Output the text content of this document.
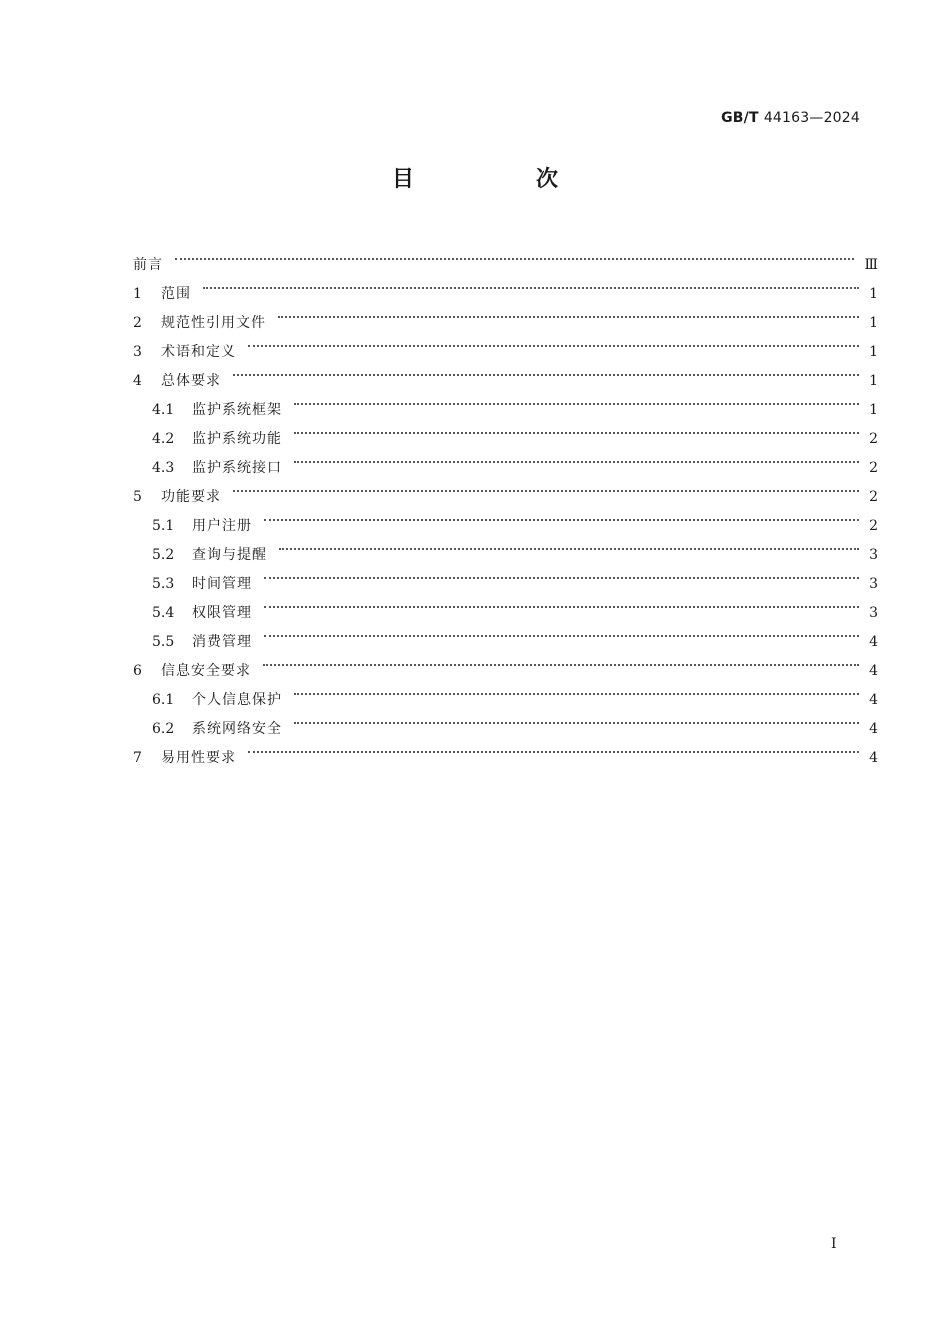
GB/T 44163—2024
目　次
前言	Ⅲ
1	范围	1
2	规范性引用文件	1
3	术语和定义	1
4	总体要求	1
4.1	监护系统框架	1
4.2	监护系统功能	2
4.3	监护系统接口	2
5	功能要求	2
5.1	用户注册	2
5.2	查询与提醒	3
5.3	时间管理	3
5.4	权限管理	3
5.5	消费管理	4
6	信息安全要求	4
6.1	个人信息保护	4
6.2	系统网络安全	4
7	易用性要求	4
Ⅰ
